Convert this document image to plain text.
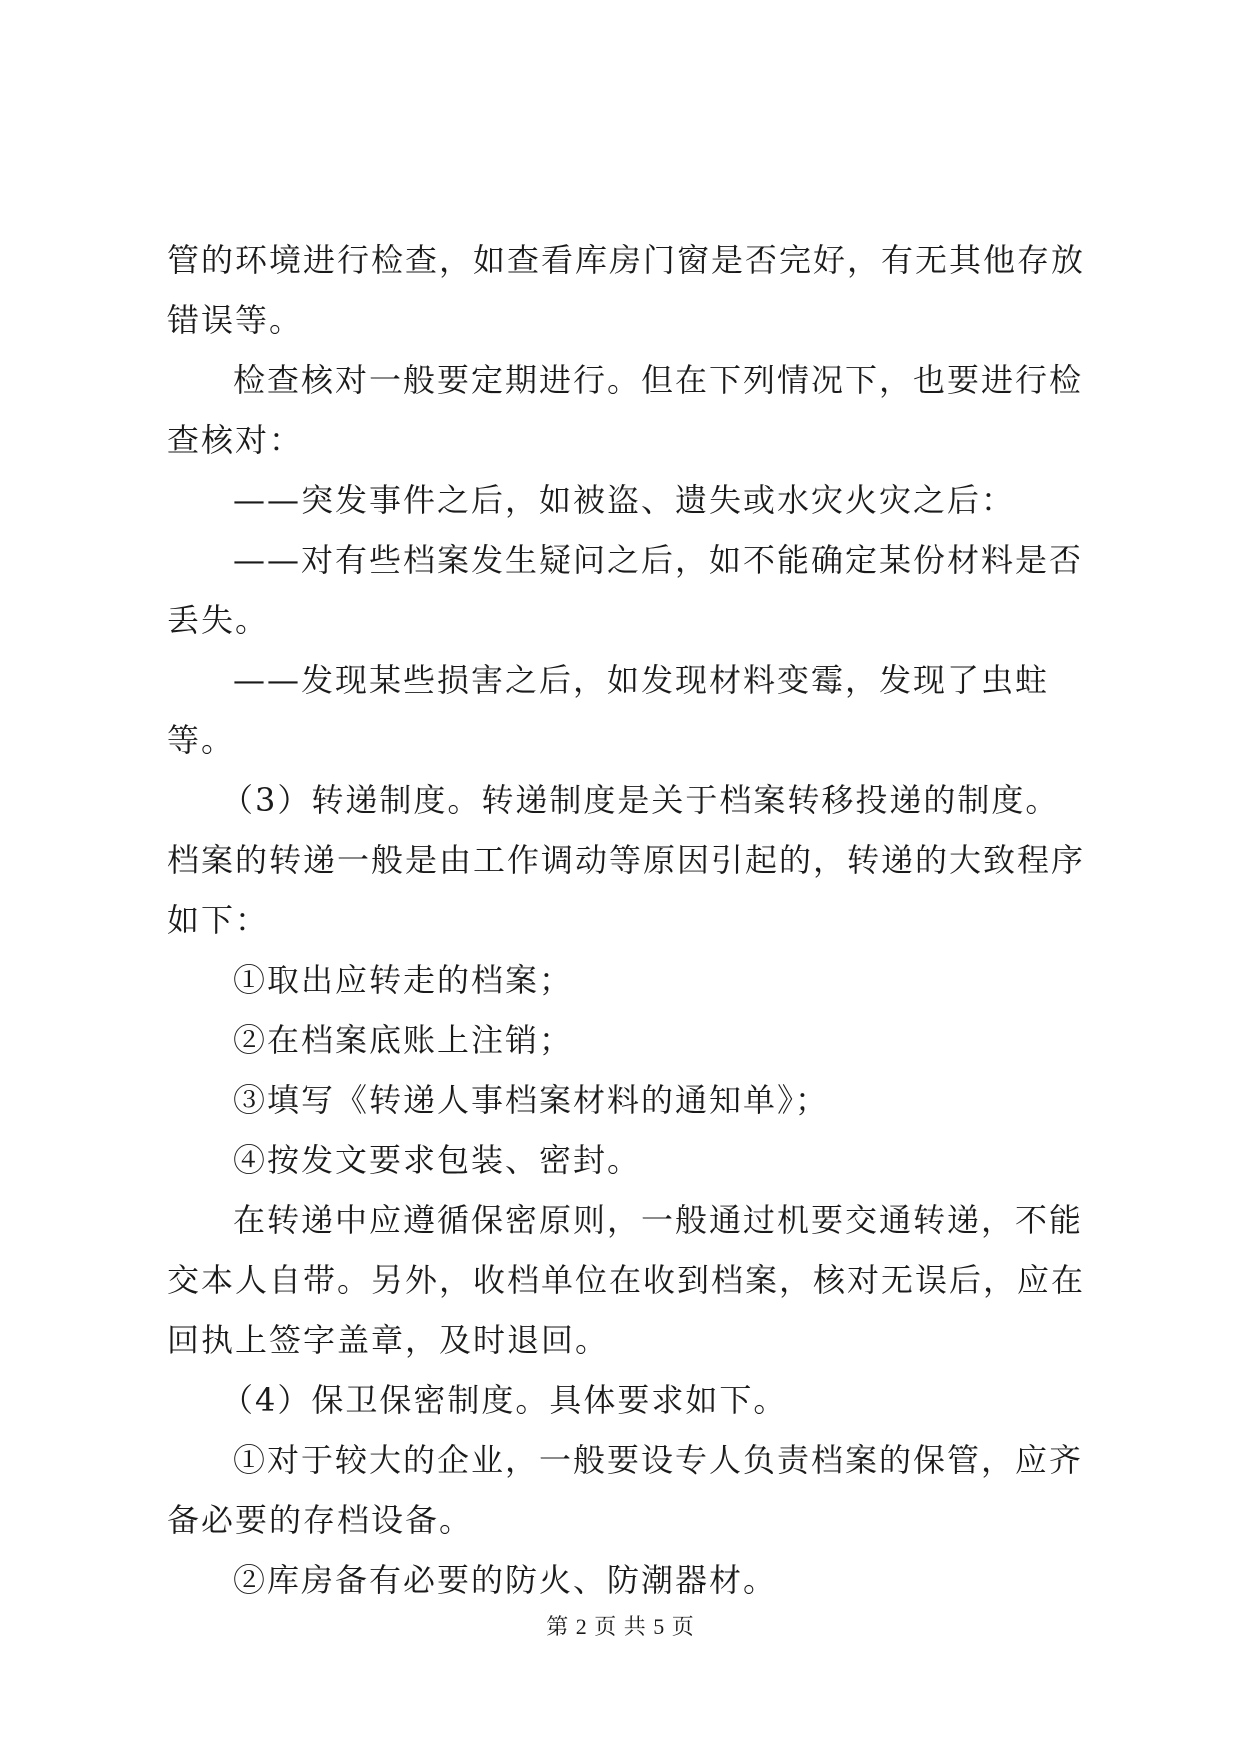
管的环境进行检查，如查看库房门窗是否完好，有无其他存放错误等。

检查核对一般要定期进行。但在下列情况下，也要进行检查核对：

——突发事件之后，如被盗、遗失或水灾火灾之后：

——对有些档案发生疑问之后，如不能确定某份材料是否丢失。

——发现某些损害之后，如发现材料变霉，发现了虫蛀等。

（3）转递制度。转递制度是关于档案转移投递的制度。档案的转递一般是由工作调动等原因引起的，转递的大致程序如下：

①取出应转走的档案；

②在档案底账上注销；

③填写《转递人事档案材料的通知单》；

④按发文要求包装、密封。

在转递中应遵循保密原则，一般通过机要交通转递，不能交本人自带。另外，收档单位在收到档案，核对无误后，应在回执上签字盖章，及时退回。

（4）保卫保密制度。具体要求如下。

①对于较大的企业，一般要设专人负责档案的保管，应齐备必要的存档设备。

②库房备有必要的防火、防潮器材。

第 2 页 共 5 页
